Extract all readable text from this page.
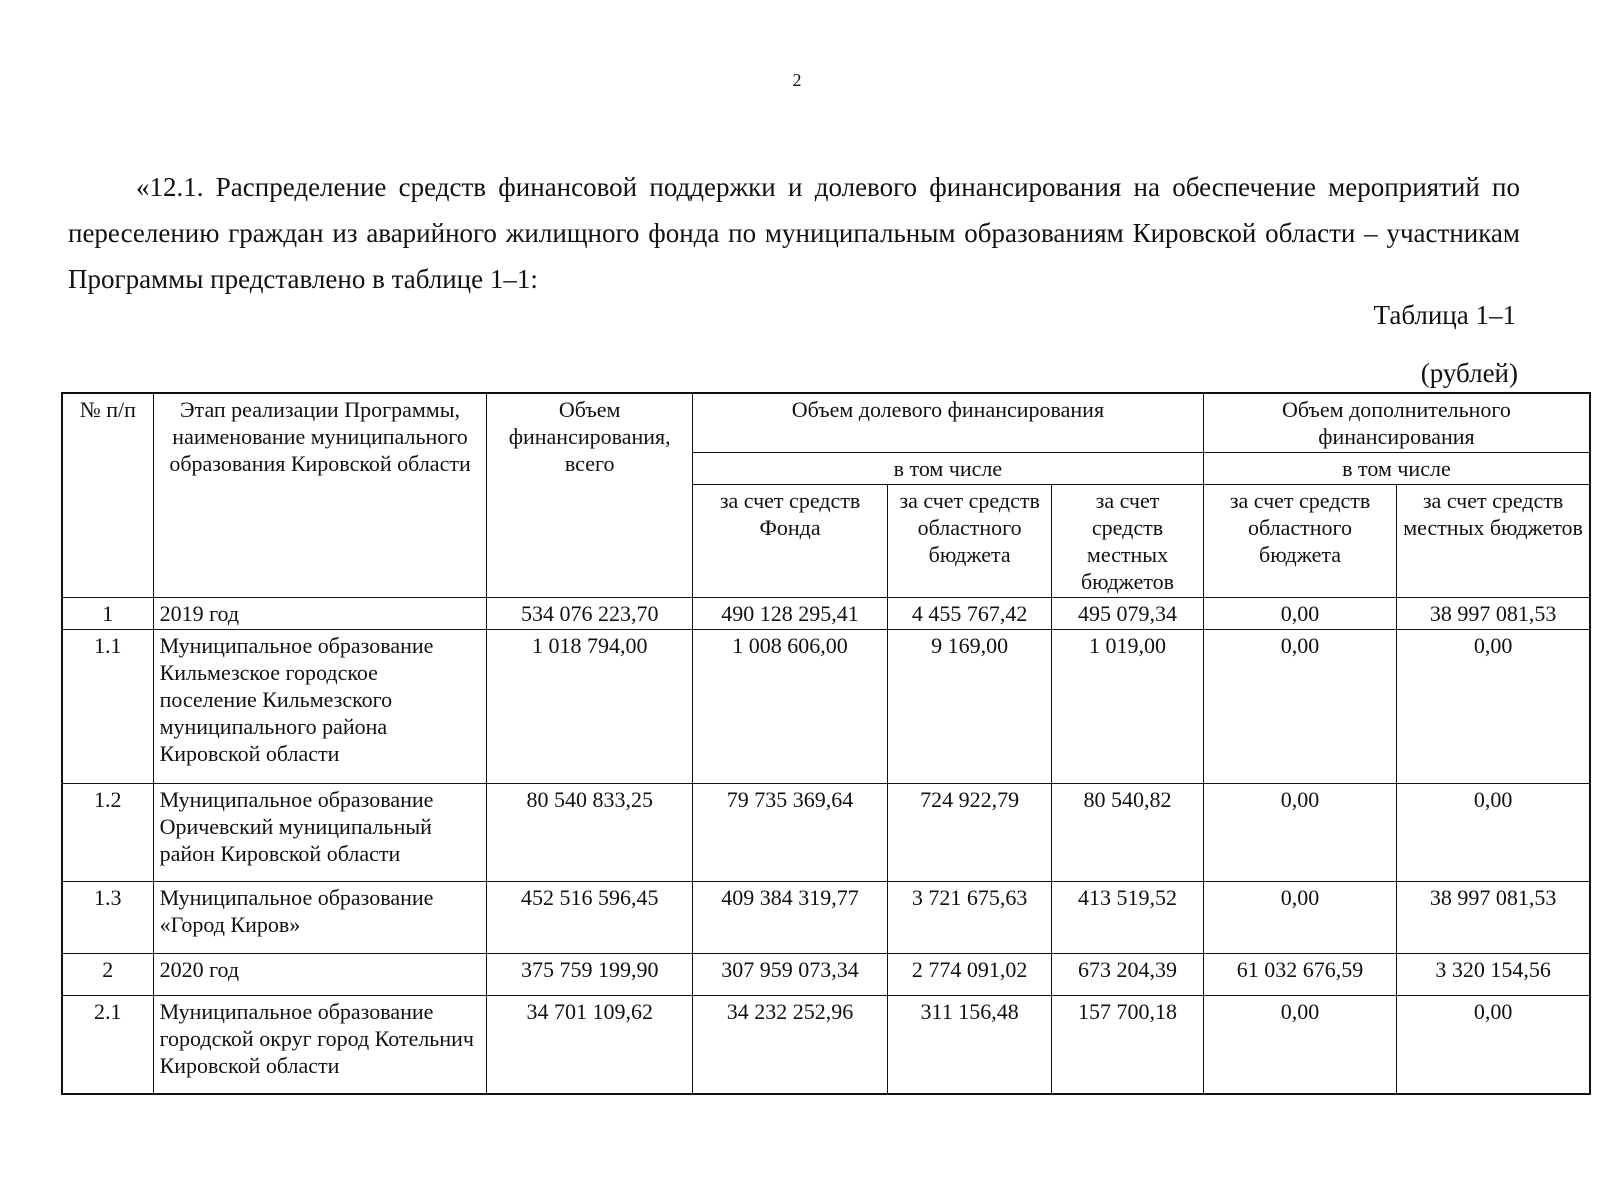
2

«12.1. Распределение средств финансовой поддержки и долевого финансирования на обеспечение мероприятий по переселению граждан из аварийного жилищного фонда по муниципальным образованиям Кировской области – участникам Программы представлено в таблице 1–1:

Таблица 1–1
(рублей)
№ п/п	Этап реализации Программы, наименование муниципального образования Кировской области	Объем финансирования, всего	Объем долевого финансирования			Объем дополнительного финансирования	
			в том числе			в том числе	
			за счет средств Фонда	за счет средств областного бюджета	за счет средств местных бюджетов	за счет средств областного бюджета	за счет средств местных бюджетов
1	2019 год	534 076 223,70	490 128 295,41	4 455 767,42	495 079,34	0,00	38 997 081,53
1.1	Муниципальное образование Кильмезское городское поселение Кильмезского муниципального района Кировской области	1 018 794,00	1 008 606,00	9 169,00	1 019,00	0,00	0,00
1.2	Муниципальное образование Оричевский муниципальный район Кировской области	80 540 833,25	79 735 369,64	724 922,79	80 540,82	0,00	0,00
1.3	Муниципальное образование «Город Киров»	452 516 596,45	409 384 319,77	3 721 675,63	413 519,52	0,00	38 997 081,53
2	2020 год	375 759 199,90	307 959 073,34	2 774 091,02	673 204,39	61 032 676,59	3 320 154,56
2.1	Муниципальное образование городской округ город Котельнич Кировской области	34 701 109,62	34 232 252,96	311 156,48	157 700,18	0,00	0,00
